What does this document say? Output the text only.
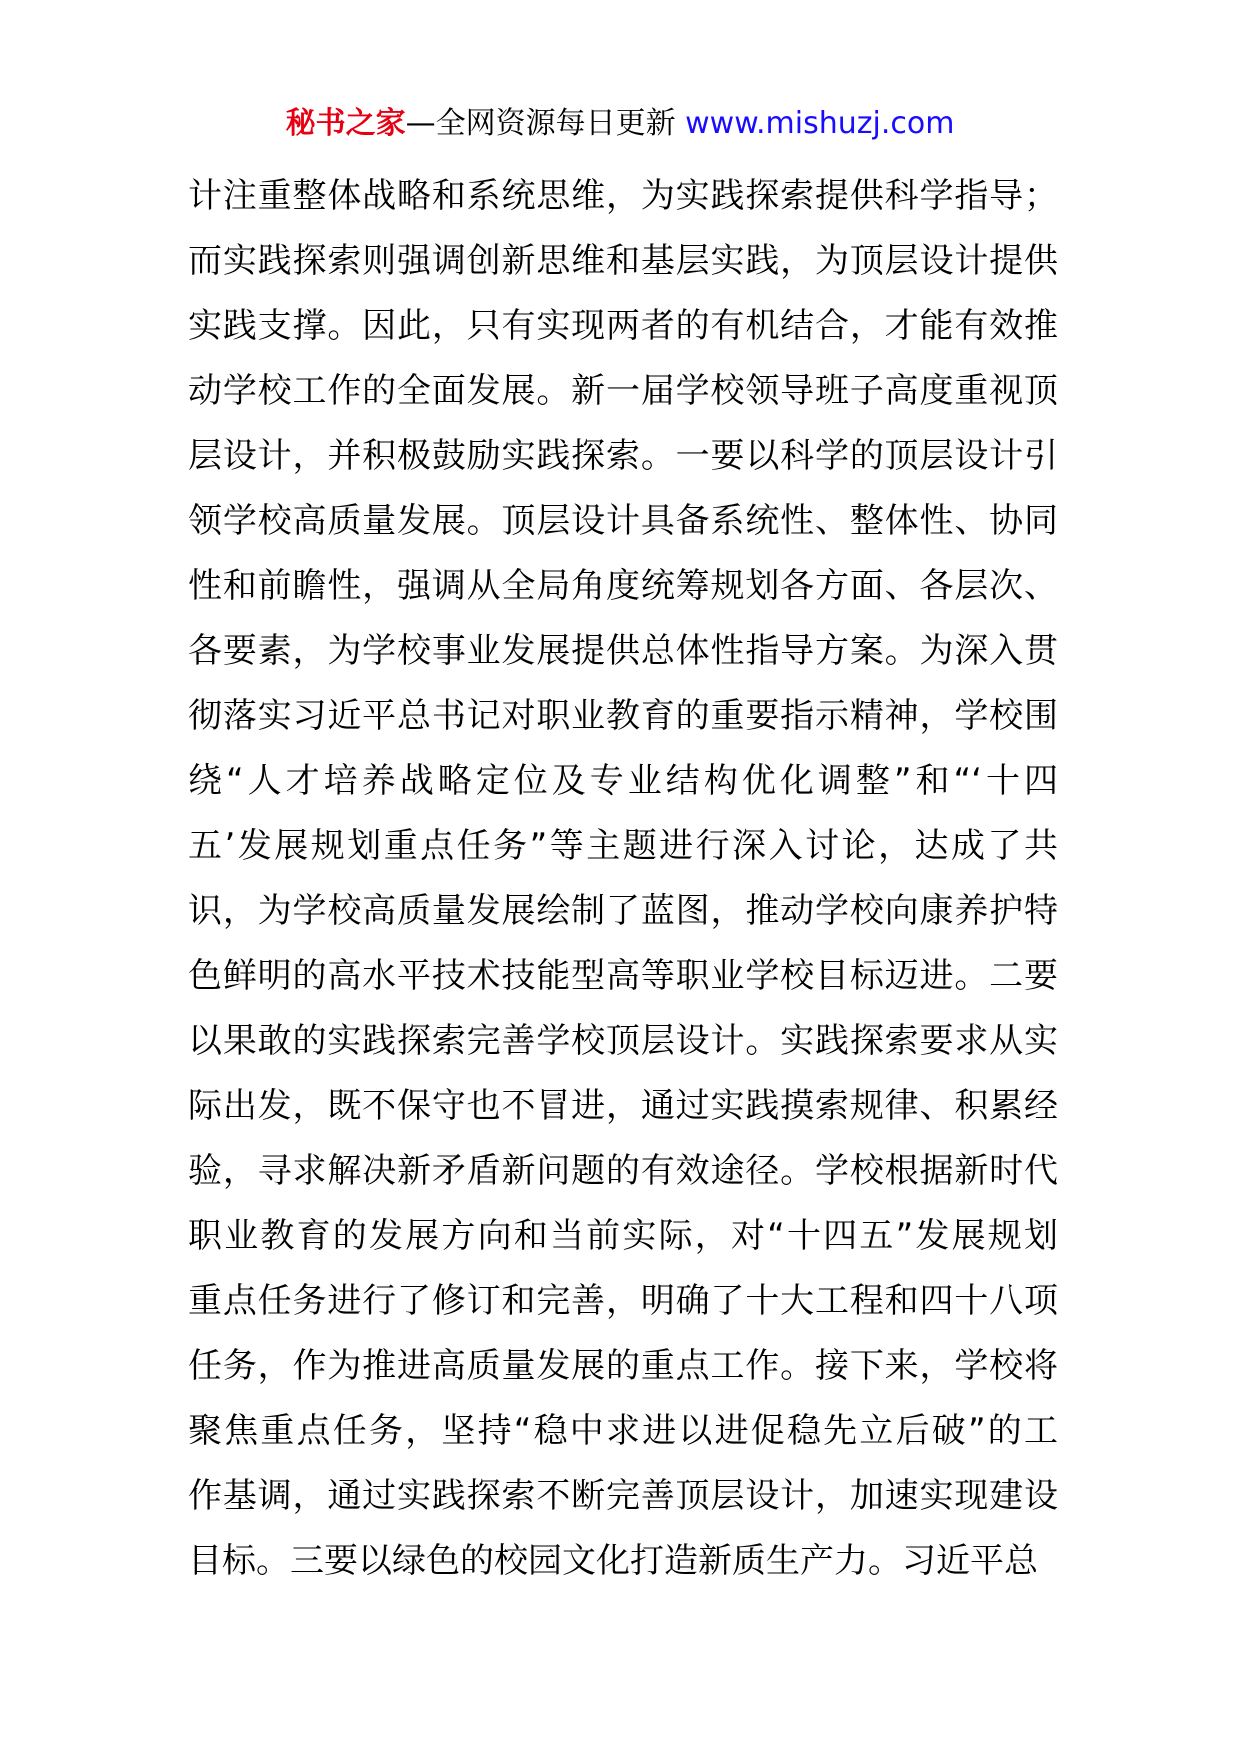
秘书之家—全网资源每日更新 www.mishuzj.com
计注重整体战略和系统思维，为实践探索提供科学指导；
而实践探索则强调创新思维和基层实践，为顶层设计提供
实践支撑。因此，只有实现两者的有机结合，才能有效推
动学校工作的全面发展。新一届学校领导班子高度重视顶
层设计，并积极鼓励实践探索。一要以科学的顶层设计引
领学校高质量发展。顶层设计具备系统性、整体性、协同
性和前瞻性，强调从全局角度统筹规划各方面、各层次、
各要素，为学校事业发展提供总体性指导方案。为深入贯
彻落实习近平总书记对职业教育的重要指示精神，学校围
绕“人才培养战略定位及专业结构优化调整”和“‘十四
五’发展规划重点任务”等主题进行深入讨论，达成了共
识，为学校高质量发展绘制了蓝图，推动学校向康养护特
色鲜明的高水平技术技能型高等职业学校目标迈进。二要
以果敢的实践探索完善学校顶层设计。实践探索要求从实
际出发，既不保守也不冒进，通过实践摸索规律、积累经
验，寻求解决新矛盾新问题的有效途径。学校根据新时代
职业教育的发展方向和当前实际，对“十四五”发展规划
重点任务进行了修订和完善，明确了十大工程和四十八项
任务，作为推进高质量发展的重点工作。接下来，学校将
聚焦重点任务，坚持“稳中求进以进促稳先立后破”的工
作基调，通过实践探索不断完善顶层设计，加速实现建设
目标。三要以绿色的校园文化打造新质生产力。习近平总
